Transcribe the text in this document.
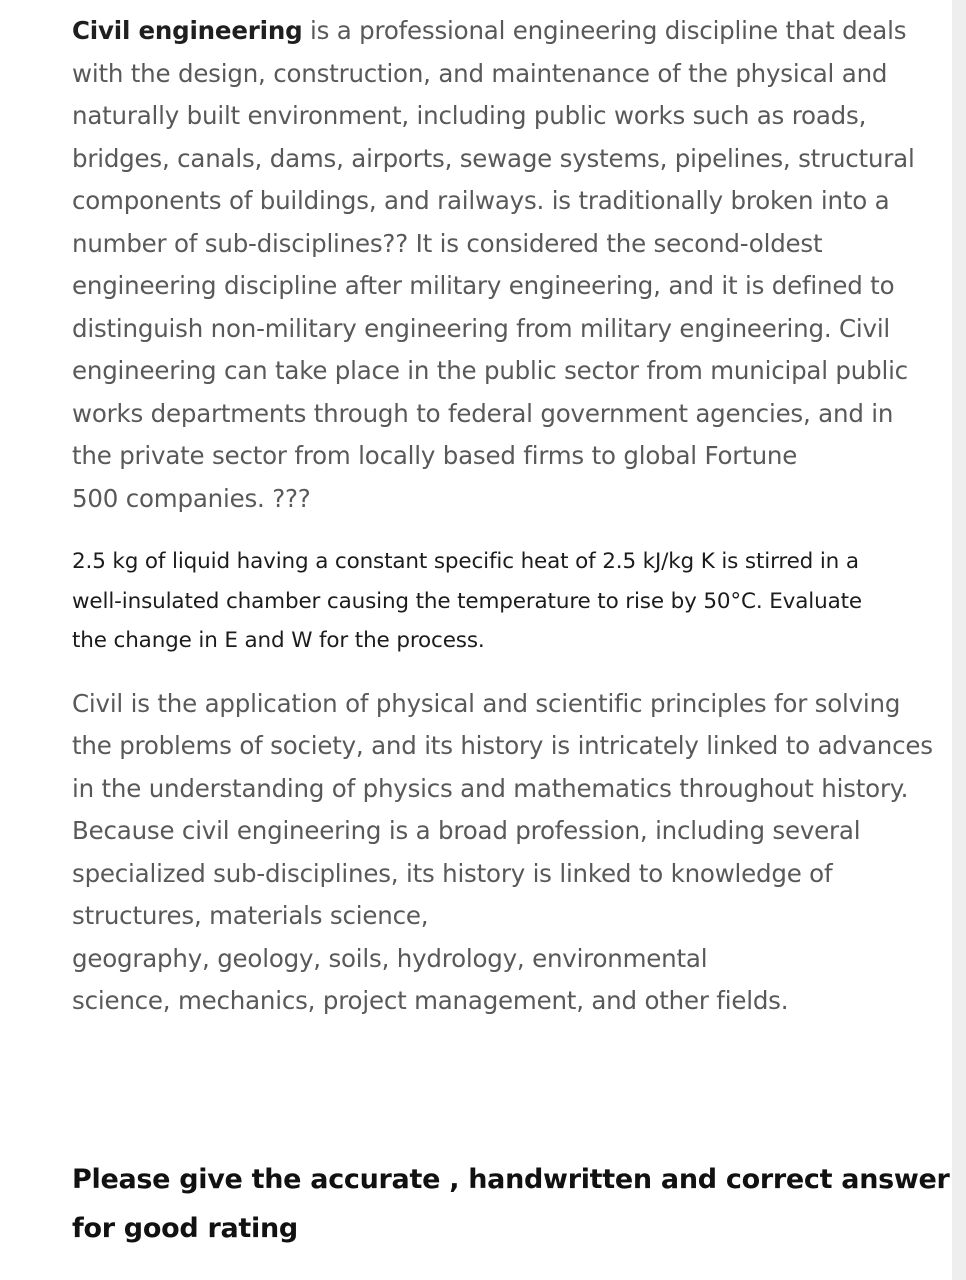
Civil engineering is a professional engineering discipline that deals
with the design, construction, and maintenance of the physical and
naturally built environment, including public works such as roads,
bridges, canals, dams, airports, sewage systems, pipelines, structural
components of buildings, and railways. is traditionally broken into a
number of sub-disciplines?? It is considered the second-oldest
engineering discipline after military engineering, and it is defined to
distinguish non-military engineering from military engineering. Civil
engineering can take place in the public sector from municipal public
works departments through to federal government agencies, and in
the private sector from locally based firms to global Fortune
500 companies. ???
2.5 kg of liquid having a constant specific heat of 2.5 kJ/kg K is stirred in a
well-insulated chamber causing the temperature to rise by 50°C. Evaluate
the change in E and W for the process.
Civil is the application of physical and scientific principles for solving
the problems of society, and its history is intricately linked to advances
in the understanding of physics and mathematics throughout history.
Because civil engineering is a broad profession, including several
specialized sub-disciplines, its history is linked to knowledge of
structures, materials science,
geography, geology, soils, hydrology, environmental
science, mechanics, project management, and other fields.
Please give the accurate , handwritten and correct answer
for good rating
